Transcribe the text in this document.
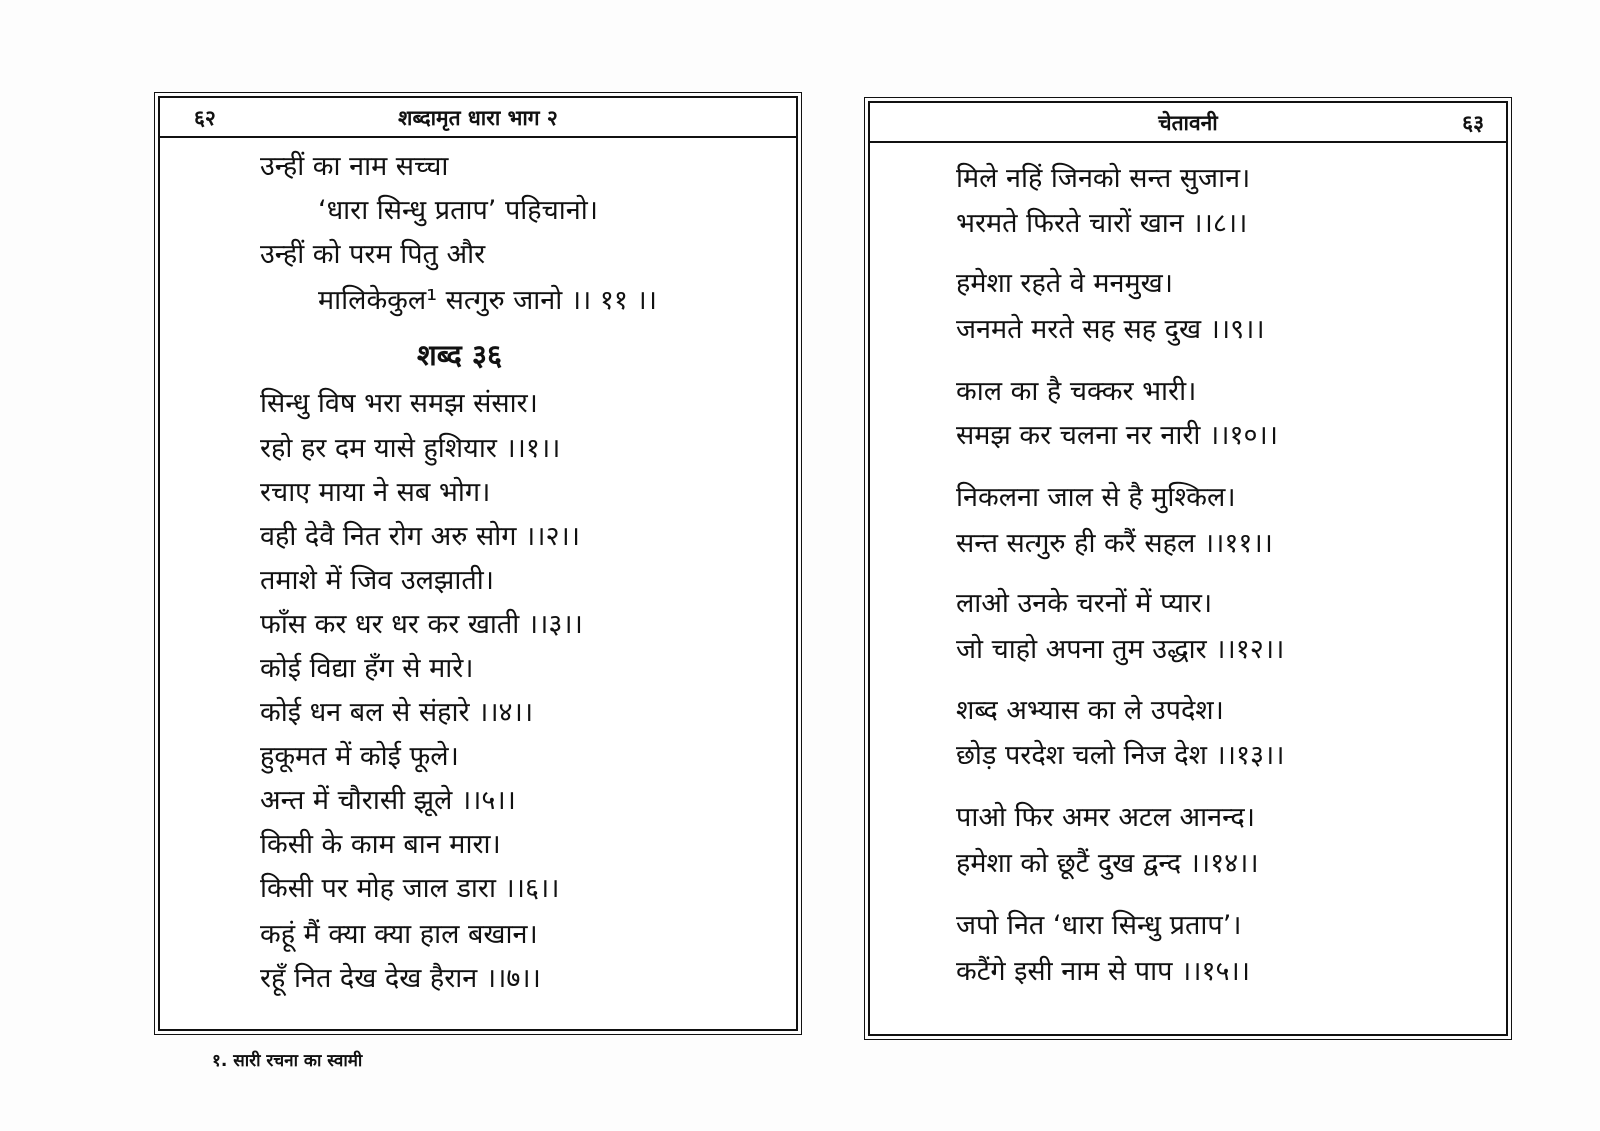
६२	शब्दामृत धारा भाग २
उन्हीं का नाम सच्चा
‘धारा सिन्धु प्रताप’ पहिचानो।
उन्हीं को परम पितु और
मालिकेकुल¹ सत्गुरु जानो ।। ११ ।।
शब्द ३६
सिन्धु विष भरा समझ संसार।
रहो हर दम यासे हुशियार ।।१।।
रचाए माया ने सब भोग।
वही देवै नित रोग अरु सोग ।।२।।
तमाशे में जिव उलझाती।
फाँस कर धर धर कर खाती ।।३।।
कोई विद्या हँग से मारे।
कोई धन बल से संहारे ।।४।।
हुकूमत में कोई फूले।
अन्त में चौरासी झूले ।।५।।
किसी के काम बान मारा।
किसी पर मोह जाल डारा ।।६।।
कहूं मैं क्या क्या हाल बखान।
रहूँ नित देख देख हैरान ।।७।।
चेतावनी	६३
मिले नहिं जिनको सन्त सुजान।
भरमते फिरते चारों खान ।।८।।
हमेशा रहते वे मनमुख।
जनमते मरते सह सह दुख ।।९।।
काल का है चक्कर भारी।
समझ कर चलना नर नारी ।।१०।।
निकलना जाल से है मुश्किल।
सन्त सत्गुरु ही करैं सहल ।।११।।
लाओ उनके चरनों में प्यार।
जो चाहो अपना तुम उद्धार ।।१२।।
शब्द अभ्यास का ले उपदेश।
छोड़ परदेश चलो निज देश ।।१३।।
पाओ फिर अमर अटल आनन्द।
हमेशा को छूटैं दुख द्वन्द ।।१४।।
जपो नित ‘धारा सिन्धु प्रताप’।
कटैंगे इसी नाम से पाप ।।१५।।
१. सारी रचना का स्वामी
